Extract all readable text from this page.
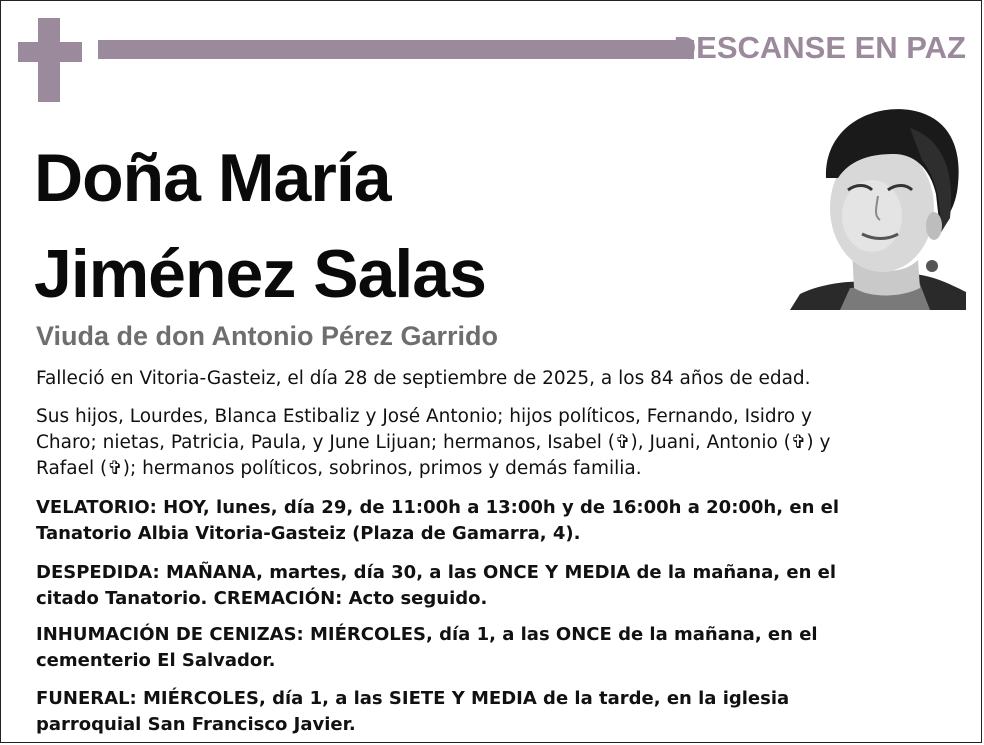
DESCANSE EN PAZ
Doña María
Jiménez Salas
Viuda de don Antonio Pérez Garrido
Falleció en Vitoria-Gasteiz, el día 28 de septiembre de 2025, a los 84 años de edad.
Sus hijos, Lourdes, Blanca Estibaliz y José Antonio; hijos políticos, Fernando, Isidro y
Charo; nietas, Patricia, Paula, y June Lijuan; hermanos, Isabel (✞), Juani, Antonio (✞) y
Rafael (✞); hermanos políticos, sobrinos, primos y demás familia.
VELATORIO: HOY, lunes, día 29, de 11:00h a 13:00h y de 16:00h a 20:00h, en el
Tanatorio Albia Vitoria-Gasteiz (Plaza de Gamarra, 4).
DESPEDIDA: MAÑANA, martes, día 30, a las ONCE Y MEDIA de la mañana, en el
citado Tanatorio. CREMACIÓN: Acto seguido.
INHUMACIÓN DE CENIZAS: MIÉRCOLES, día 1, a las ONCE de la mañana, en el
cementerio El Salvador.
FUNERAL: MIÉRCOLES, día 1, a las SIETE Y MEDIA de la tarde, en la iglesia
parroquial San Francisco Javier.
